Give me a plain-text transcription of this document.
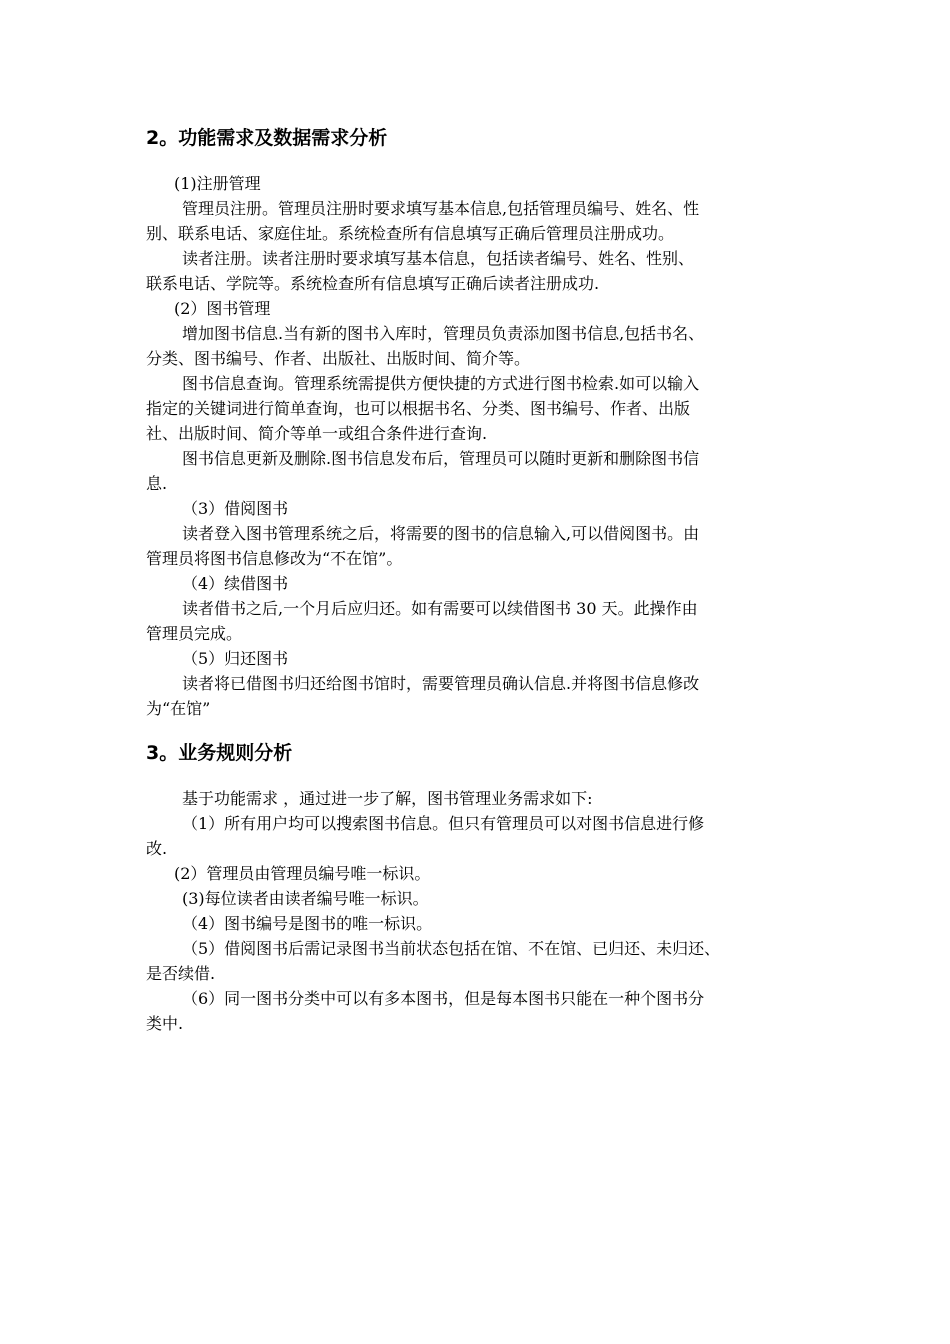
2。功能需求及数据需求分析
(1)注册管理
管理员注册。管理员注册时要求填写基本信息,包括管理员编号、姓名、性
别、联系电话、家庭住址。系统检查所有信息填写正确后管理员注册成功。
读者注册。读者注册时要求填写基本信息，包括读者编号、姓名、性别、
联系电话、学院等。系统检查所有信息填写正确后读者注册成功.
(2）图书管理
增加图书信息.当有新的图书入库时，管理员负责添加图书信息,包括书名、
分类、图书编号、作者、出版社、出版时间、简介等。
图书信息查询。管理系统需提供方便快捷的方式进行图书检索.如可以输入
指定的关键词进行简单查询，也可以根据书名、分类、图书编号、作者、出版
社、出版时间、简介等单一或组合条件进行查询.
图书信息更新及删除.图书信息发布后，管理员可以随时更新和删除图书信
息.
（3）借阅图书
读者登入图书管理系统之后，将需要的图书的信息输入,可以借阅图书。由
管理员将图书信息修改为“不在馆”。
（4）续借图书
读者借书之后,一个月后应归还。如有需要可以续借图书 30 天。此操作由
管理员完成。
（5）归还图书
读者将已借图书归还给图书馆时，需要管理员确认信息.并将图书信息修改
为“在馆”
3。业务规则分析
基于功能需求 ，通过进一步了解，图书管理业务需求如下:
（1）所有用户均可以搜索图书信息。但只有管理员可以对图书信息进行修
改.
(2）管理员由管理员编号唯一标识。
(3)每位读者由读者编号唯一标识。
（4）图书编号是图书的唯一标识。
（5）借阅图书后需记录图书当前状态包括在馆、不在馆、已归还、未归还、
是否续借.
（6）同一图书分类中可以有多本图书，但是每本图书只能在一种个图书分
类中.
